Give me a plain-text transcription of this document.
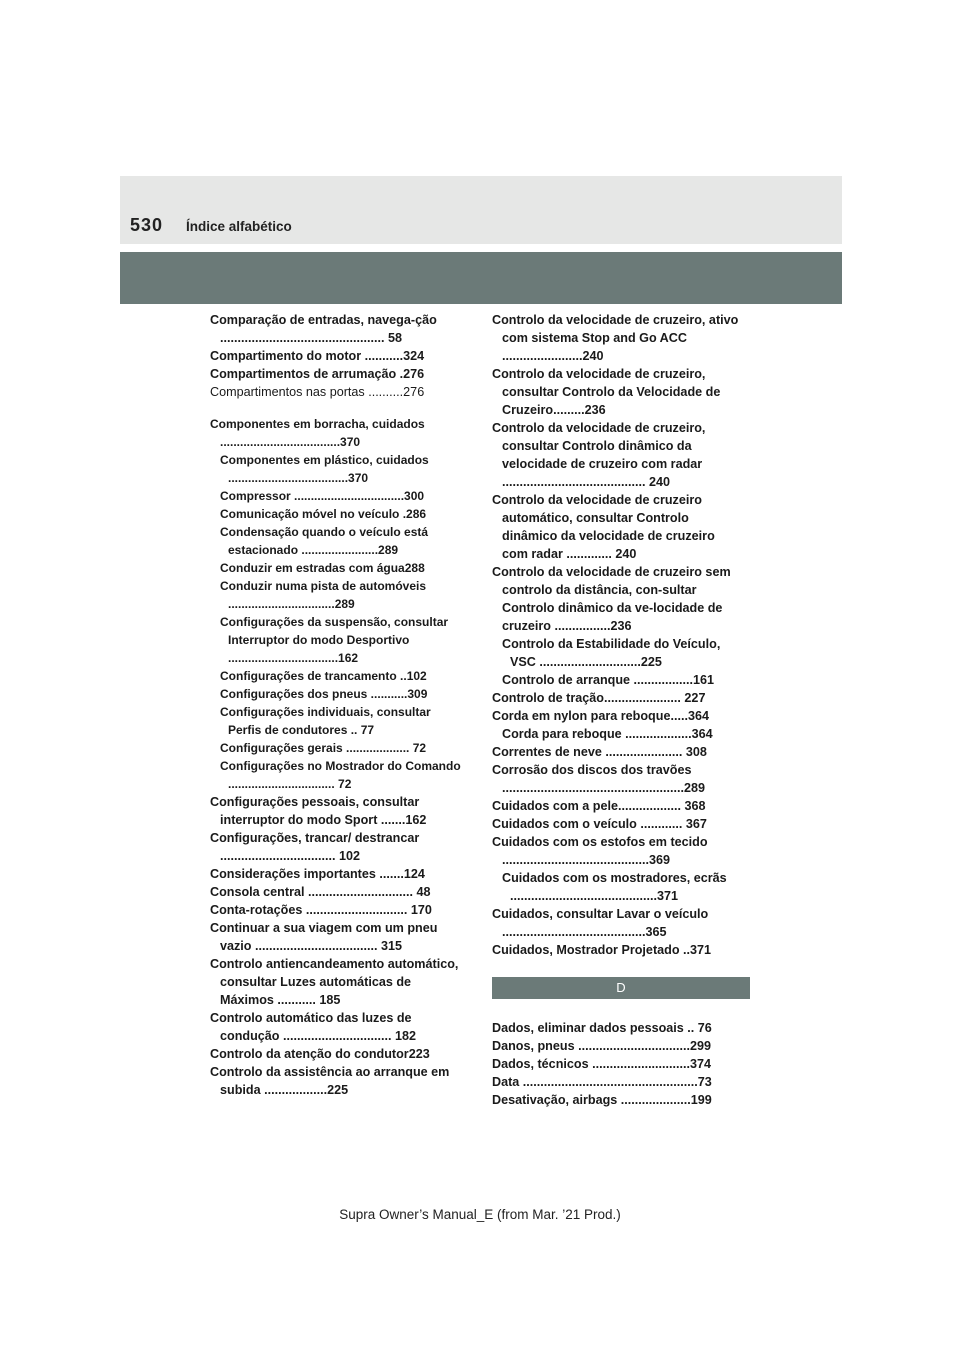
530 Índice alfabético
Comparação de entradas, navega-ção ............................................... 58
Compartimento do motor ...........324
Compartimentos de arrumação .276
Compartimentos nas portas ..........276
Componentes em borracha, cuidados ....................................370
Componentes em plástico, cuidados ....................................370
Compressor .................................300
Comunicação móvel no veículo .286
Condensação quando o veículo está estacionado .......................289
Conduzir em estradas com água288
Conduzir numa pista de automóveis ................................289
Configurações da suspensão, consultar Interruptor do modo Desportivo .................................162
Configurações de trancamento ..102
Configurações dos pneus ...........309
Configurações individuais, consultar Perfis de condutores .. 77
Configurações gerais ................... 72
Configurações no Mostrador do Comando ................................ 72
Configurações pessoais, consultar interruptor do modo Sport .......162
Configurações, trancar/ destrancar ................................. 102
Considerações importantes .......124
Consola central .............................. 48
Conta-rotações ............................. 170
Continuar a sua viagem com um pneu vazio ................................... 315
Controlo antiencandeamento automático, consultar Luzes automáticas de Máximos ........... 185
Controlo automático das luzes de condução ............................... 182
Controlo da atenção do condutor223
Controlo da assistência ao arranque em subida ..................225
Controlo da velocidade de cruzeiro, ativo com sistema Stop and Go ACC .......................240
Controlo da velocidade de cruzeiro, consultar Controlo da Velocidade de Cruzeiro.........236
Controlo da velocidade de cruzeiro, consultar Controlo dinâmico da velocidade de cruzeiro com radar ......................................... 240
Controlo da velocidade de cruzeiro automático, consultar Controlo dinâmico da velocidade de cruzeiro com radar ............. 240
Controlo da velocidade de cruzeiro sem controlo da distância, con-sultar Controlo dinâmico da ve-locidade de cruzeiro ................236
Controlo da Estabilidade do Veículo, VSC .............................225
Controlo de arranque .................161
Controlo de tração...................... 227
Corda em nylon para reboque.....364
Corda para reboque ...................364
Correntes de neve ...................... 308
Corrosão dos discos dos travões ....................................................289
Cuidados com a pele.................. 368
Cuidados com o veículo ............ 367
Cuidados com os estofos em tecido ..........................................369
Cuidados com os mostradores, ecrãs ..........................................371
Cuidados, consultar Lavar o veículo .........................................365
Cuidados, Mostrador Projetado ..371
D
Dados, eliminar dados pessoais .. 76
Danos, pneus ................................299
Dados, técnicos ............................374
Data ..................................................73
Desativação, airbags ....................199
Supra Owner’s Manual_E (from Mar. ’21 Prod.)
